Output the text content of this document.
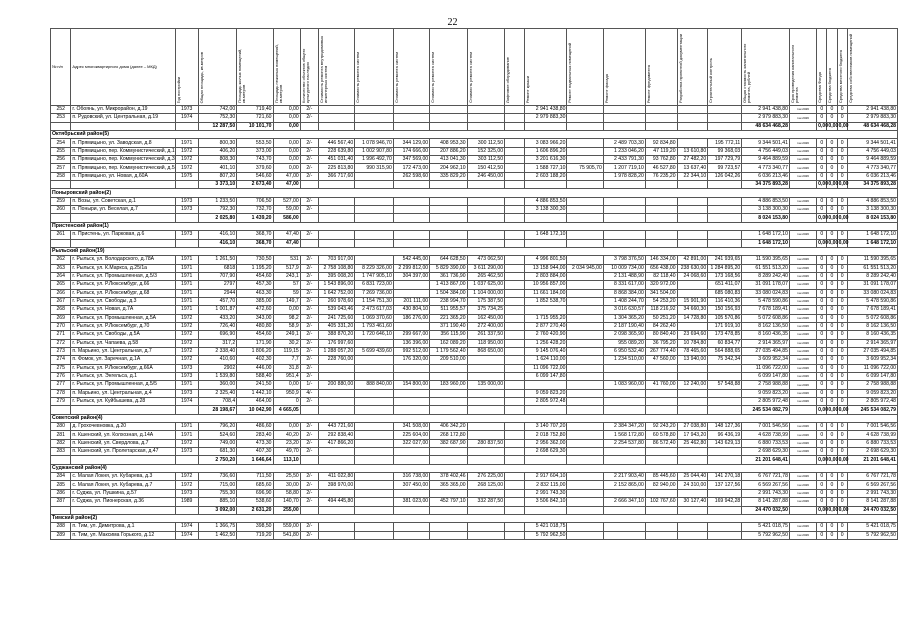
22
№ п/п	Адрес многоквартирного дома (далее – МКД)	Год постройки	Общая площадь, кв.метров	Площадь жилых помещений, кв.метров	Площадь нежилых помещений, кв.метров	Количество объектов общего культурного наследия	Стоимость ремонта внутридомовых инженерных систем	Стоимость ремонта систем	Стоимость ремонта систем	Стоимость ремонта систем	Стоимость ремонта систем	Лифтовое оборудование	Ремонт крыши	Ремонт подвальных помещений	Ремонт фасада	Ремонт фундамента	Разработка проектной документации	Строительный контроль	Общая стоимость капитального ремонта, рублей	Срок проведения капитального ремонта	Средства Фонда	Средства бюджета	Средства местного бюджета	Средства собственников помещений
252	г. Обоянь, ул. Микрорайон, д.19	1973	742,00	719,40	0,00	2/-							2 941 438,80						2 941 438,80	тек.2026	0	0	0	2 941 438,80
253	п. Рудовский, ул. Центральная, д.19	1974	752,30	721,60	0,00	2/-							2 979 883,30						2 979 883,30	тек.2026	0	0	0	2 979 883,30
			12 287,50	10 101,70	0,00														48 634 468,28		0,00	0,00	0,00	48 634 468,28
Октябрьский район(5)																								
254	п. Прямицыно, ул. Заводская, д.8	1971	800,30	553,50	0,00	2/-	446 567,40	1 078 946,70	344 129,00	408 953,30	300 112,50		3 083 966,20		2 489 703,30	92 834,80		195 772,11	9 344 501,41	тек.2026	0	0	0	9 344 501,41
255	п. Прямицыно, пер. Коммунистический, д.1	1972	406,20	373,00	0,00	2/-	228 639,80	1 002 907,80	174 666,00	207 886,20	152 325,00		1 606 896,20		1 233 046,20	47 119,20	13 610,80	99 368,03	4 756 449,03	тек.2026	0	0	0	4 756 449,03
256	п. Прямицыно, пер. Коммунистический, д.3	1972	808,30	743,70	0,00	2/-	451 031,40	1 996 492,70	347 569,00	413 041,30	303 112,50		3 201 616,30		2 433 791,30	93 762,80	27 482,20	197 729,79	9 464 889,59	тек.2026	0	0	0	9 464 889,59
257	п. Прямицыно, пер. Коммунистический, д.5	1972	401,10	379,60	0,00	2/-	225 813,80	990 315,90	172 473,00	204 962,10	150 412,50		1 588 727,10	75 905,70	1 207 719,10	46 527,80	13 637,40	99 723,57	4 773 340,77	тек.2026	0	0	0	4 773 340,77
258	п. Прямицыно, ул. Новая, д.60А	1975	807,20	546,60	47,00	2/-	366 717,60		262 598,60	335 829,20	246 450,00		2 603 188,20		1 978 828,20	76 235,20	22 344,10	126 042,26	6 036 213,46	тек.2026	0	0	0	6 036 213,46
			3 373,10	2 673,40	47,00														34 375 893,28		0,00	0,00	0,00	34 375 893,28
Поныровский район(2)																								
259	п. Возы, ул. Советская, д.1	1973	1 233,50	706,50	527,00	2/-							4 886 853,50						4 886 853,50	тек.2026	0	0	0	4 886 853,50
260	п. Поныри, ул. Веселая, д.7	1973	792,30	732,70	59,00	2/-							3 138 300,30						3 138 300,30	тек.2026	0	0	0	3 138 300,30
			2 025,80	1 439,20	586,00														8 024 153,80		0,00	0,00	0,00	8 024 153,80
Пристенский район(1)																								
261	п. Пристень, ул. Парковая, д.6	1973	416,10	368,70	47,40	2/-							1 648 172,10						1 648 172,10	тек.2026	0	0	0	1 648 172,10
			416,10	368,70	47,40														1 648 172,10		0,00	0,00	0,00	1 648 172,10
Рыльский район(19)																								
262	г. Рыльск, ул. Володарского, д.78А	1971	1 261,50	730,50	531	2/-	703 917,00		542 445,00	644 628,50	473 062,50		4 996 801,50		3 798 376,50	146 334,00	42 891,00	241 939,65	11 590 395,65	тек.2026	0	0	0	11 590 395,65
263	г. Рыльск, ул. К.Маркса, д.25/1а	1971	6818	1 195,20	517,9	2/-	2 758 108,80	8 229 326,00	2 299 812,00	5 829 390,00	3 611 290,00		13 158 944,00	2 034 945,00	10 009 734,00	656 438,00	238 630,00	1 284 895,20	61 551 513,20	тек.2026	0	0	0	61 551 513,20
264	г. Рыльск, ул. Промышленная, д.5/3	1971	707,90	454,60	243,1	2/-	395 008,20	1 747 905,10	304 397,00	361 736,90	265 462,50		2 803 884,00		2 131 488,90	82 118,40	24 068,60	173 168,56	8 289 242,40	тек.2026	0	0	0	8 289 242,40
265	г. Рыльск, ул. Р.Люксембург, д.66	1971	2797	457,30	57	2/-	1 543 896,00	6 831 723,00		1 413 867,00	1 037 625,00		10 956 857,00		8 331 617,00	320 972,00		651 411,07	31 091 178,07	тек.2026	0	0	0	31 091 178,07
266	г. Рыльск, ул. Р.Люксембург, д.68	1971	2944	463,30	59	2/-	1 642 752,00	7 269 736,00		1 504 384,00	1 104 000,00		11 661 184,00		8 868 384,00	341 504,00		685 080,83	33 080 024,83	тек.2026	0	0	0	33 080 024,83
267	г. Рыльск, ул. Свободы, д.3	1971	457,70	385,00	149,7	2/-	260 978,60	1 154 751,30	201 111,00	238 994,70	175 387,50		1 852 538,70		1 408 244,70	54 253,20	15 901,90	116 410,36	5 478 590,86	тек.2026	0	0	0	5 478 590,86
268	г. Рыльск, ул. Новая, д.7А	1971	1 001,87	472,60	0,00	2/-	539 043,46	2 473 617,03	430 804,10	511 955,57	375 734,25				3 016 630,57	118 216,92	34 660,30	150 156,93	7 678 189,41	тек.2026	0	0	0	7 678 189,41
269	г. Рыльск, ул. Промышленная, д.5А	1972	433,20	343,00	98,2	2/-	241 725,60	1 069 370,60	186 276,00	221 365,20	162 450,00		1 715 955,20		1 304 365,20	50 251,20	14 728,80	105 570,86	5 072 608,86	тек.2026	0	0	0	5 072 608,86
270	г. Рыльск, ул. Р.Люксембург, д.70	1972	726,40	480,80	58,9	2/-	405 331,20	1 793 461,60		371 190,40	272 400,00		2 877 270,40		2 187 190,40	84 262,40		171 919,10	8 162 136,50	тек.2026	0	0	0	8 162 136,50
271	г. Рыльск, ул. Свободы, д.5А	1972	696,90	454,60	249,1	2/-	388 870,20	1 720 646,10	299 667,00	356 115,90	261 337,50		2 760 420,90		2 098 365,90	80 840,40	23 694,60	173 478,85	8 160 436,35	тек.2026	0	0	0	8 160 436,35
272	г. Рыльск, ул. Чапаева, д.58	1972	317,2	171,90	30,2	2/-	176 997,60		136 396,00	162 089,20	118 950,00		1 256 428,20		955 089,20	36 795,20	10 784,80	60 834,77	2 914 365,97	тек.2026	0	0	0	2 914 365,97
273	п. Марьино, ул. Центральная, д.7	1972	2 338,40	1 806,20	119,15	2/-	1 288 057,20	5 699 439,60	992 512,00	1 179 562,40	868 650,00		9 145 076,40		6 950 532,40	267 774,40	78 465,60	564 888,65	27 035 494,85	тек.2026	0	0	0	27 035 494,85
274	п. Фомок, ул. Заречная, д.1А	1972	410,60	402,30	7,7	2/-	228 760,00		176 320,00	209 510,00			1 624 110,00		1 234 510,00	47 560,00	13 940,00	75 342,34	3 609 952,34	тек.2026	0	0	0	3 609 952,34
275	г. Рыльск, ул. Р.Люксембург, д.66А	1973	2902	446,00	31,8	2/-							11 096 722,00						11 096 722,00	тек.2026	0	0	0	11 096 722,00
276	г. Рыльск, ул. Энгельса, д.1	1973	1 539,80	588,40	951,4	2/-							6 099 147,80						6 099 147,80	тек.2026	0	0	0	6 099 147,80
277	г. Рыльск, ул. Промышленная, д.5/5	1971	360,00	241,50	0,00	1/-	200 880,00	888 840,00	154 800,00	183 960,00	135 000,00				1 083 960,00	41 760,00	12 240,00	57 548,88	2 758 988,88	тек.2026	0	0	0	2 758 988,88
278	п. Марьино, ул. Центральная, д.4	1973	2 325,40	1 442,10	950,9	4/-							9 059 823,20						9 059 823,20	тек.2026	0	0	0	9 059 823,20
279	г. Рыльск, ул. Куйбышева, д.28	1974	708,4	464,00	0	2/-							2 805 972,48						2 805 972,48	тек.2026	0	0	0	2 805 972,48
			28 198,67	10 042,90	4 665,05														245 534 082,79		0,00	0,00	0,00	245 534 082,79
Советский район(4)																								
280	д. Грохочевновка, д.20	1971	796,20	486,60	0,00	2/-	443 721,60		341 508,00	406 342,20			3 140 707,20		2 384 347,20	92 243,20	27 038,80	148 127,36	7 001 546,56	тек.2026	0	0	0	7 001 546,56
281	п. Кшенский, ул. Колхозная, д.14А	1971	524,60	283,40	40,20	2/-	292 838,40		225 604,00	268 172,80			2 018 752,80		1 568 172,80	60 578,80	17 943,20	96 436,19	4 628 738,99	тек.2026	0	0	0	4 628 738,99
282	п. Кшенский, ул. Свердлова, д.7	1972	749,00	473,30	23,20	2/-	417 866,20		322 027,00	382 687,90	280 837,50		2 956 362,00		2 254 537,80	86 572,40	25 462,80	143 629,13	6 880 733,53	тек.2026	0	0	0	6 880 733,53
283	п. Кшенский, ул. Пролетарская, д.47	1973	681,30	407,30	49,70	2/-							2 698 629,30						2 698 629,30	тек.2026	0	0	0	2 698 629,30
			2 750,20	1 646,64	113,10														21 201 648,41		0,00	0,00	0,00	21 201 648,41
Суджанский район(4)																								
284	с. Малая Локня, ул. Кубарева, д.3	1972	736,60	711,50	25,50	2/-	411 022,80		316 738,00	378 402,46	276 225,00		2 917 604,10		2 217 903,40	85 445,60	25 044,40	141 270,18	6 767 721,78	тек.2026	0	0	0	6 767 721,78
285	с. Малая Локня, ул. Кубарева, д.7	1972	715,00	685,60	30,00	2/-	398 970,00		307 450,00	365 365,00	268 125,00		2 832 115,00		2 152 865,00	82 940,00	24 310,00	137 127,56	6 569 267,56	тек.2026	0	0	0	6 569 267,56
286	г. Суджа, ул. Пушкина, д.57	1973	755,30	696,90	58,80	2/-							2 991 743,30						2 991 743,30	тек.2026	0	0	0	2 991 743,30
287	г. Суджа, ул. Пионерская, д.36	1989	885,10	538,60	140,70	2/-	494 445,80		381 023,00	452 797,10	332 287,50		3 506 842,10		2 666 347,10	102 767,60	30 127,40	169 942,28	8 141 287,88	тек.2026	0	0	0	8 141 287,88
			3 092,00	2 631,20	255,00														24 470 032,50		0,00	0,00	0,00	24 470 032,50
Тимский район(2)																								
288	п. Тим, ул. Димитрова, д.1	1974	1 366,75	398,50	559,00	2/-							5 421 018,75						5 421 018,75	тек.2026	0	0	0	5 421 018,75
289	п. Тим, ул. Максима Горького, д.12	1974	1 462,50	719,20	541,80	2/-							5 792 962,50						5 792 962,50	тек.2026	0	0	0	5 792 962,50
